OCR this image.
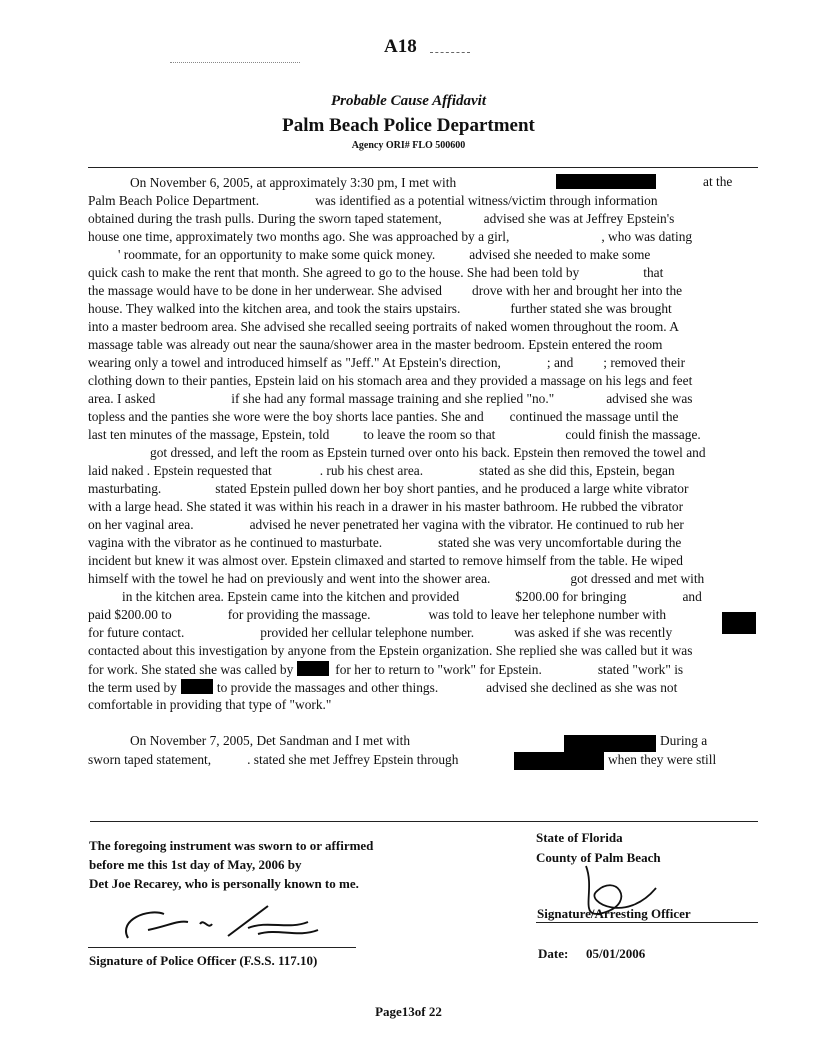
A18
Probable Cause Affidavit
Palm Beach Police Department
Agency ORI# FLO 500600
On November 6, 2005, at approximately 3:30 pm, I met with	at the
Palm Beach Police Department.	was identified as a potential witness/victim through information
obtained during the trash pulls. During the sworn taped statement,	advised she was at Jeffrey Epstein's
house one time, approximately two months ago. She was approached by a girl,	, who was dating
' roommate, for an opportunity to make some quick money.	advised she needed to make some
quick cash to make the rent that month. She agreed to go to the house. She had been told by	that
the massage would have to be done in her underwear. She advised drove with her and brought her into the
house. They walked into the kitchen area, and took the stairs upstairs.	further stated she was brought
into a master bedroom area. She advised she recalled seeing portraits of naked women throughout the room. A
massage table was already out near the sauna/shower area in the master bedroom. Epstein entered the room
wearing only a towel and introduced himself as "Jeff." At Epstein's direction,	; and ; removed their
clothing down to their panties, Epstein laid on his stomach area and they provided a massage on his legs and feet
area. I asked	if she had any formal massage training and she replied "no."	advised she was
topless and the panties she wore were the boy shorts lace panties. She and continued the massage until the
last ten minutes of the massage, Epstein, told	to leave the room so that	could finish the massage.
got dressed, and left the room as Epstein turned over onto his back. Epstein then removed the towel and
laid naked . Epstein requested that	. rub his chest area.	stated as she did this, Epstein, began
masturbating.	stated Epstein pulled down her boy short panties, and he produced a large white vibrator
with a large head. She stated it was within his reach in a drawer in his master bathroom. He rubbed the vibrator
on her vaginal area.	advised he never penetrated her vagina with the vibrator. He continued to rub her
vagina with the vibrator as he continued to masturbate.	stated she was very uncomfortable during the
incident but knew it was almost over. Epstein climaxed and started to remove himself from the table. He wiped
himself with the towel he had on previously and went into the shower area.	got dressed and met with
in the kitchen area. Epstein came into the kitchen and provided	$200.00 for bringing	and
paid $200.00 to	for providing the massage.	was told to leave her telephone number with
for future contact.	provided her cellular telephone number.	was asked if she was recently
contacted about this investigation by anyone from the Epstein organization. She replied she was called but it was
for work. She stated she was called by	for her to return to "work" for Epstein.	stated "work" is
the term used by	to provide the massages and other things.	advised she declined as she was not
comfortable in providing that type of "work."
On November 7, 2005, Det Sandman and I met with	During a
sworn taped statement,	. stated she met Jeffrey Epstein through	when they were still
The foregoing instrument was sworn to or affirmed
before me this 1st day of May, 2006 by
Det Joe Recarey, who is personally known to me.
Signature of Police Officer (F.S.S. 117.10)
State of Florida
County of Palm Beach
Signature/Arresting Officer
Date: 05/01/2006
Page13of 22
